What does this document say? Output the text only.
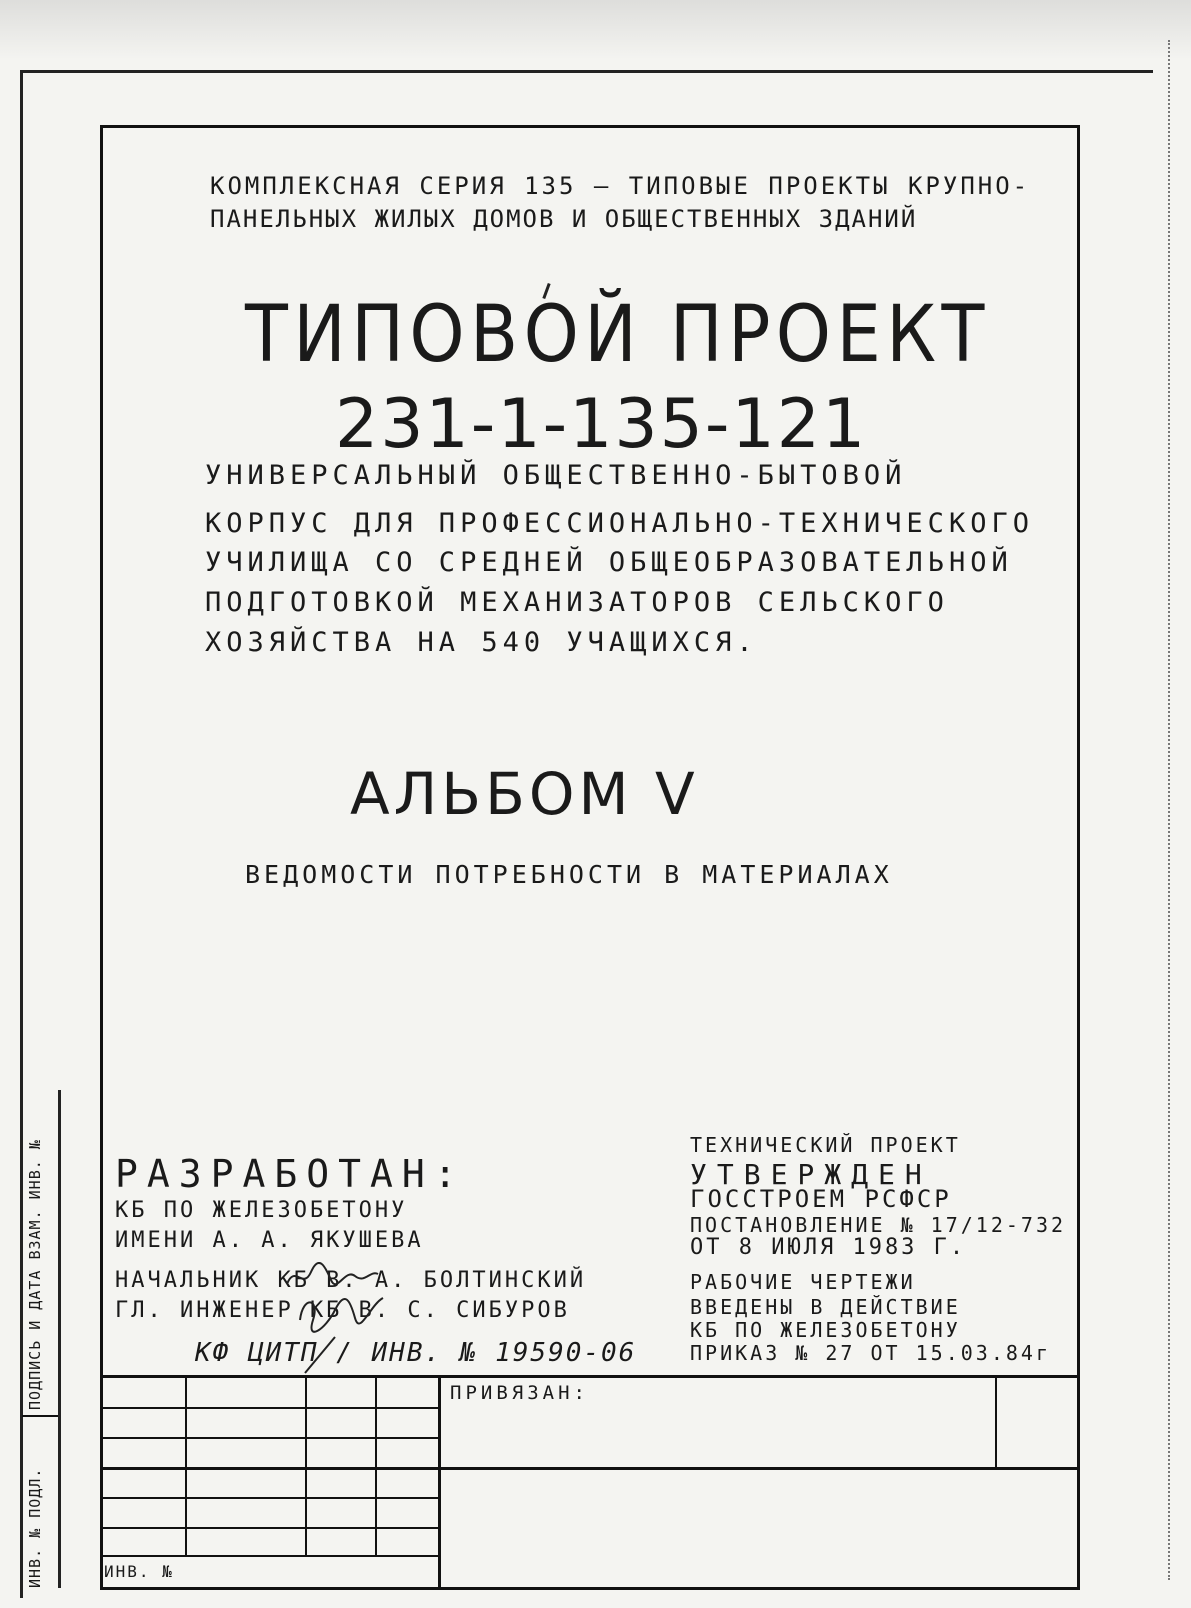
КОМПЛЕКСНАЯ СЕРИЯ 135 — ТИПОВЫЕ ПРОЕКТЫ КРУПНО-
ПАНЕЛЬНЫХ ЖИЛЫХ ДОМОВ И ОБЩЕСТВЕННЫХ ЗДАНИЙ
ТИПОВОЙ ПРОЕКТ
231-1-135-121
УНИВЕРСАЛЬНЫЙ ОБЩЕСТВЕННО-БЫТОВОЙ
КОРПУС ДЛЯ ПРОФЕССИОНАЛЬНО-ТЕХНИЧЕСКОГО
УЧИЛИЩА СО СРЕДНЕЙ ОБЩЕОБРАЗОВАТЕЛЬНОЙ
ПОДГОТОВКОЙ МЕХАНИЗАТОРОВ СЕЛЬСКОГО
ХОЗЯЙСТВА НА 540 УЧАЩИХСЯ.
АЛЬБОМ V
ВЕДОМОСТИ ПОТРЕБНОСТИ В МАТЕРИАЛАХ
РАЗРАБОТАН:
КБ ПО ЖЕЛЕЗОБЕТОНУ
ИМЕНИ А. А. ЯКУШЕВА
НАЧАЛЬНИК КБ В. А. БОЛТИНСКИЙ
ГЛ. ИНЖЕНЕР КБ В. С. СИБУРОВ
КФ ЦИТП / ИНВ. № 19590-06
ТЕХНИЧЕСКИЙ ПРОЕКТ
УТВЕРЖДЕН
ГОССТРОЕМ РСФСР
ПОСТАНОВЛЕНИЕ № 17/12-732
ОТ 8 ИЮЛЯ 1983 Г.
РАБОЧИЕ ЧЕРТЕЖИ
ВВЕДЕНЫ В ДЕЙСТВИЕ
КБ ПО ЖЕЛЕЗОБЕТОНУ
ПРИКАЗ № 27 ОТ 15.03.84г
ПРИВЯЗАН:
ИНВ. №
ПОДПИСЬ И ДАТА ВЗАМ. ИНВ. №
ИНВ. № ПОДЛ.
